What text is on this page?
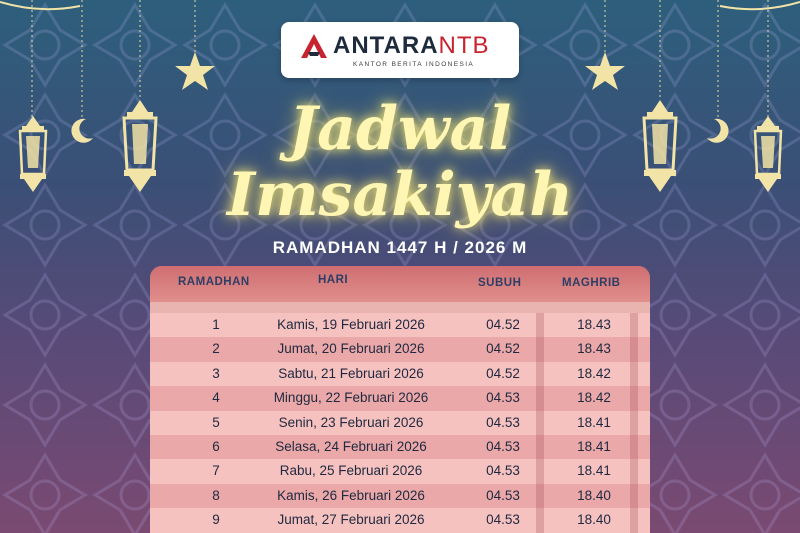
ANTARANTB
KANTOR BERITA INDONESIA
Jadwal
Imsakiyah
RAMADHAN 1447 H / 2026 M
RAMADHAN	HARI	SUBUH	MAGHRIB
1	Kamis, 19 Februari 2026	04.52	18.43
2	Jumat, 20 Februari 2026	04.52	18.43
3	Sabtu, 21 Februari 2026	04.52	18.42
4	Minggu, 22 Februari 2026	04.53	18.42
5	Senin, 23 Februari 2026	04.53	18.41
6	Selasa, 24 Februari 2026	04.53	18.41
7	Rabu, 25 Februari 2026	04.53	18.41
8	Kamis, 26 Februari 2026	04.53	18.40
9	Jumat, 27 Februari 2026	04.53	18.40
